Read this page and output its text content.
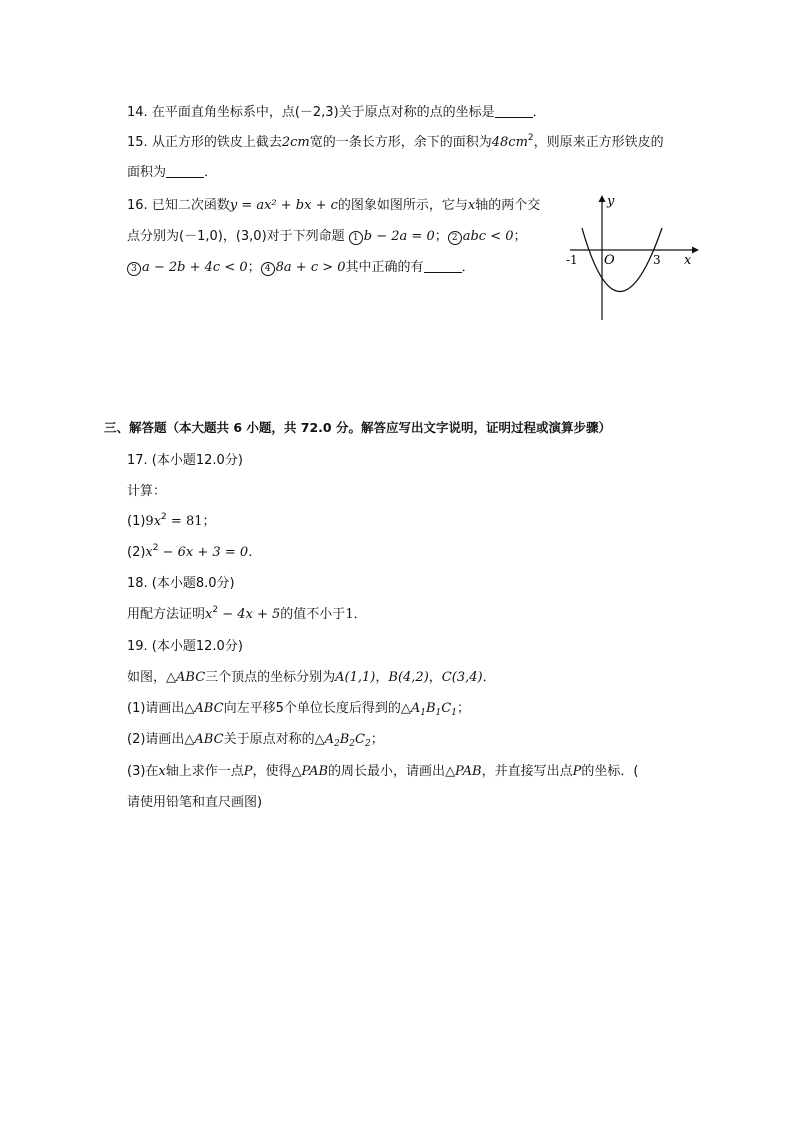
14. 在平面直角坐标系中，点(－2,3)关于原点对称的点的坐标是	．
15. 从正方形的铁皮上截去2cm宽的一条长方形，余下的面积为$48cm^2$，则原来正方形铁皮的
面积为	．
16. 已知二次函数y = ax² + bx + c的图象如图所示，它与x轴的两个交
点分别为(－1,0)，(3,0)对于下列命题 1 b − 2a = 0； 2 abc < 0；
3 a − 2b + 4c < 0； 4 8a + c > 0其中正确的有	．
y
x
O
-1	3
三、解答题（本大题共 6 小题，共 72.0 分。解答应写出文字说明，证明过程或演算步骤）
17. (本小题12.0分)
计算：
$(1)9x^2 = 81$；
$(2)x^2 - 6x + 3 = 0$．
18. (本小题8.0分)
用配方法证明$x^2 - 4x + 5$的值不小于1．
19. (本小题12.0分)
如图，△ABC三个顶点的坐标分别为A(1,1)，B(4,2)，C(3,4)．
(1)请画出△ABC向左平移5个单位长度后得到的$\triangle A_1B_1C_1$；
(2)请画出△ABC关于原点对称的$\triangle A_2B_2C_2$；
(3)在x轴上求作一点P，使得△PAB的周长最小，请画出△PAB，并直接写出点P的坐标．(
请使用铅笔和直尺画图)
